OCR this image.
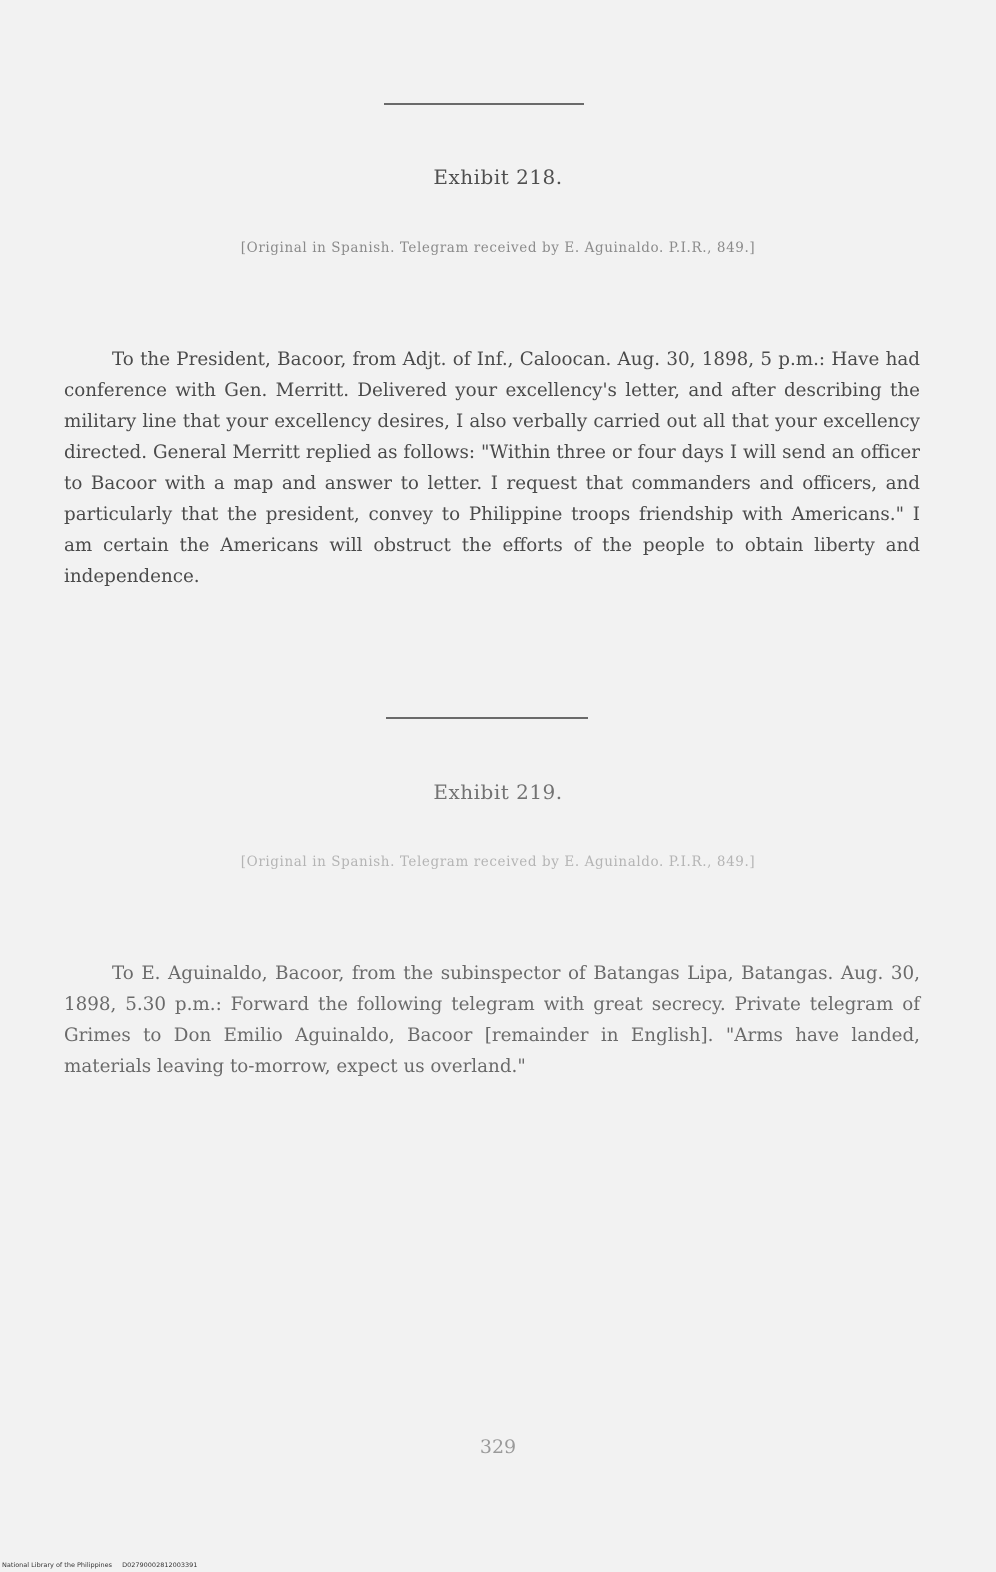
Exhibit 218.
[Original in Spanish. Telegram received by E. Aguinaldo. P.I.R., 849.]

To the President, Bacoor, from Adjt. of Inf., Caloocan. Aug. 30, 1898, 5 p.m.: Have had conference with Gen. Merritt. Delivered your excellency's letter, and after describing the military line that your excellency desires, I also verbally carried out all that your excellency directed. General Merritt replied as follows: "Within three or four days I will send an officer to Bacoor with a map and answer to letter. I request that commanders and officers, and particularly that the president, convey to Philippine troops friendship with Americans." I am certain the Americans will obstruct the efforts of the people to obtain liberty and independence.

Exhibit 219.
[Original in Spanish. Telegram received by E. Aguinaldo. P.I.R., 849.]

To E. Aguinaldo, Bacoor, from the subinspector of Batangas Lipa, Batangas. Aug. 30, 1898, 5.30 p.m.: Forward the following telegram with great secrecy. Private telegram of Grimes to Don Emilio Aguinaldo, Bacoor [remainder in English]. "Arms have landed, materials leaving to-morrow, expect us overland."

329
National Library of the Philippines D02790002812003391
